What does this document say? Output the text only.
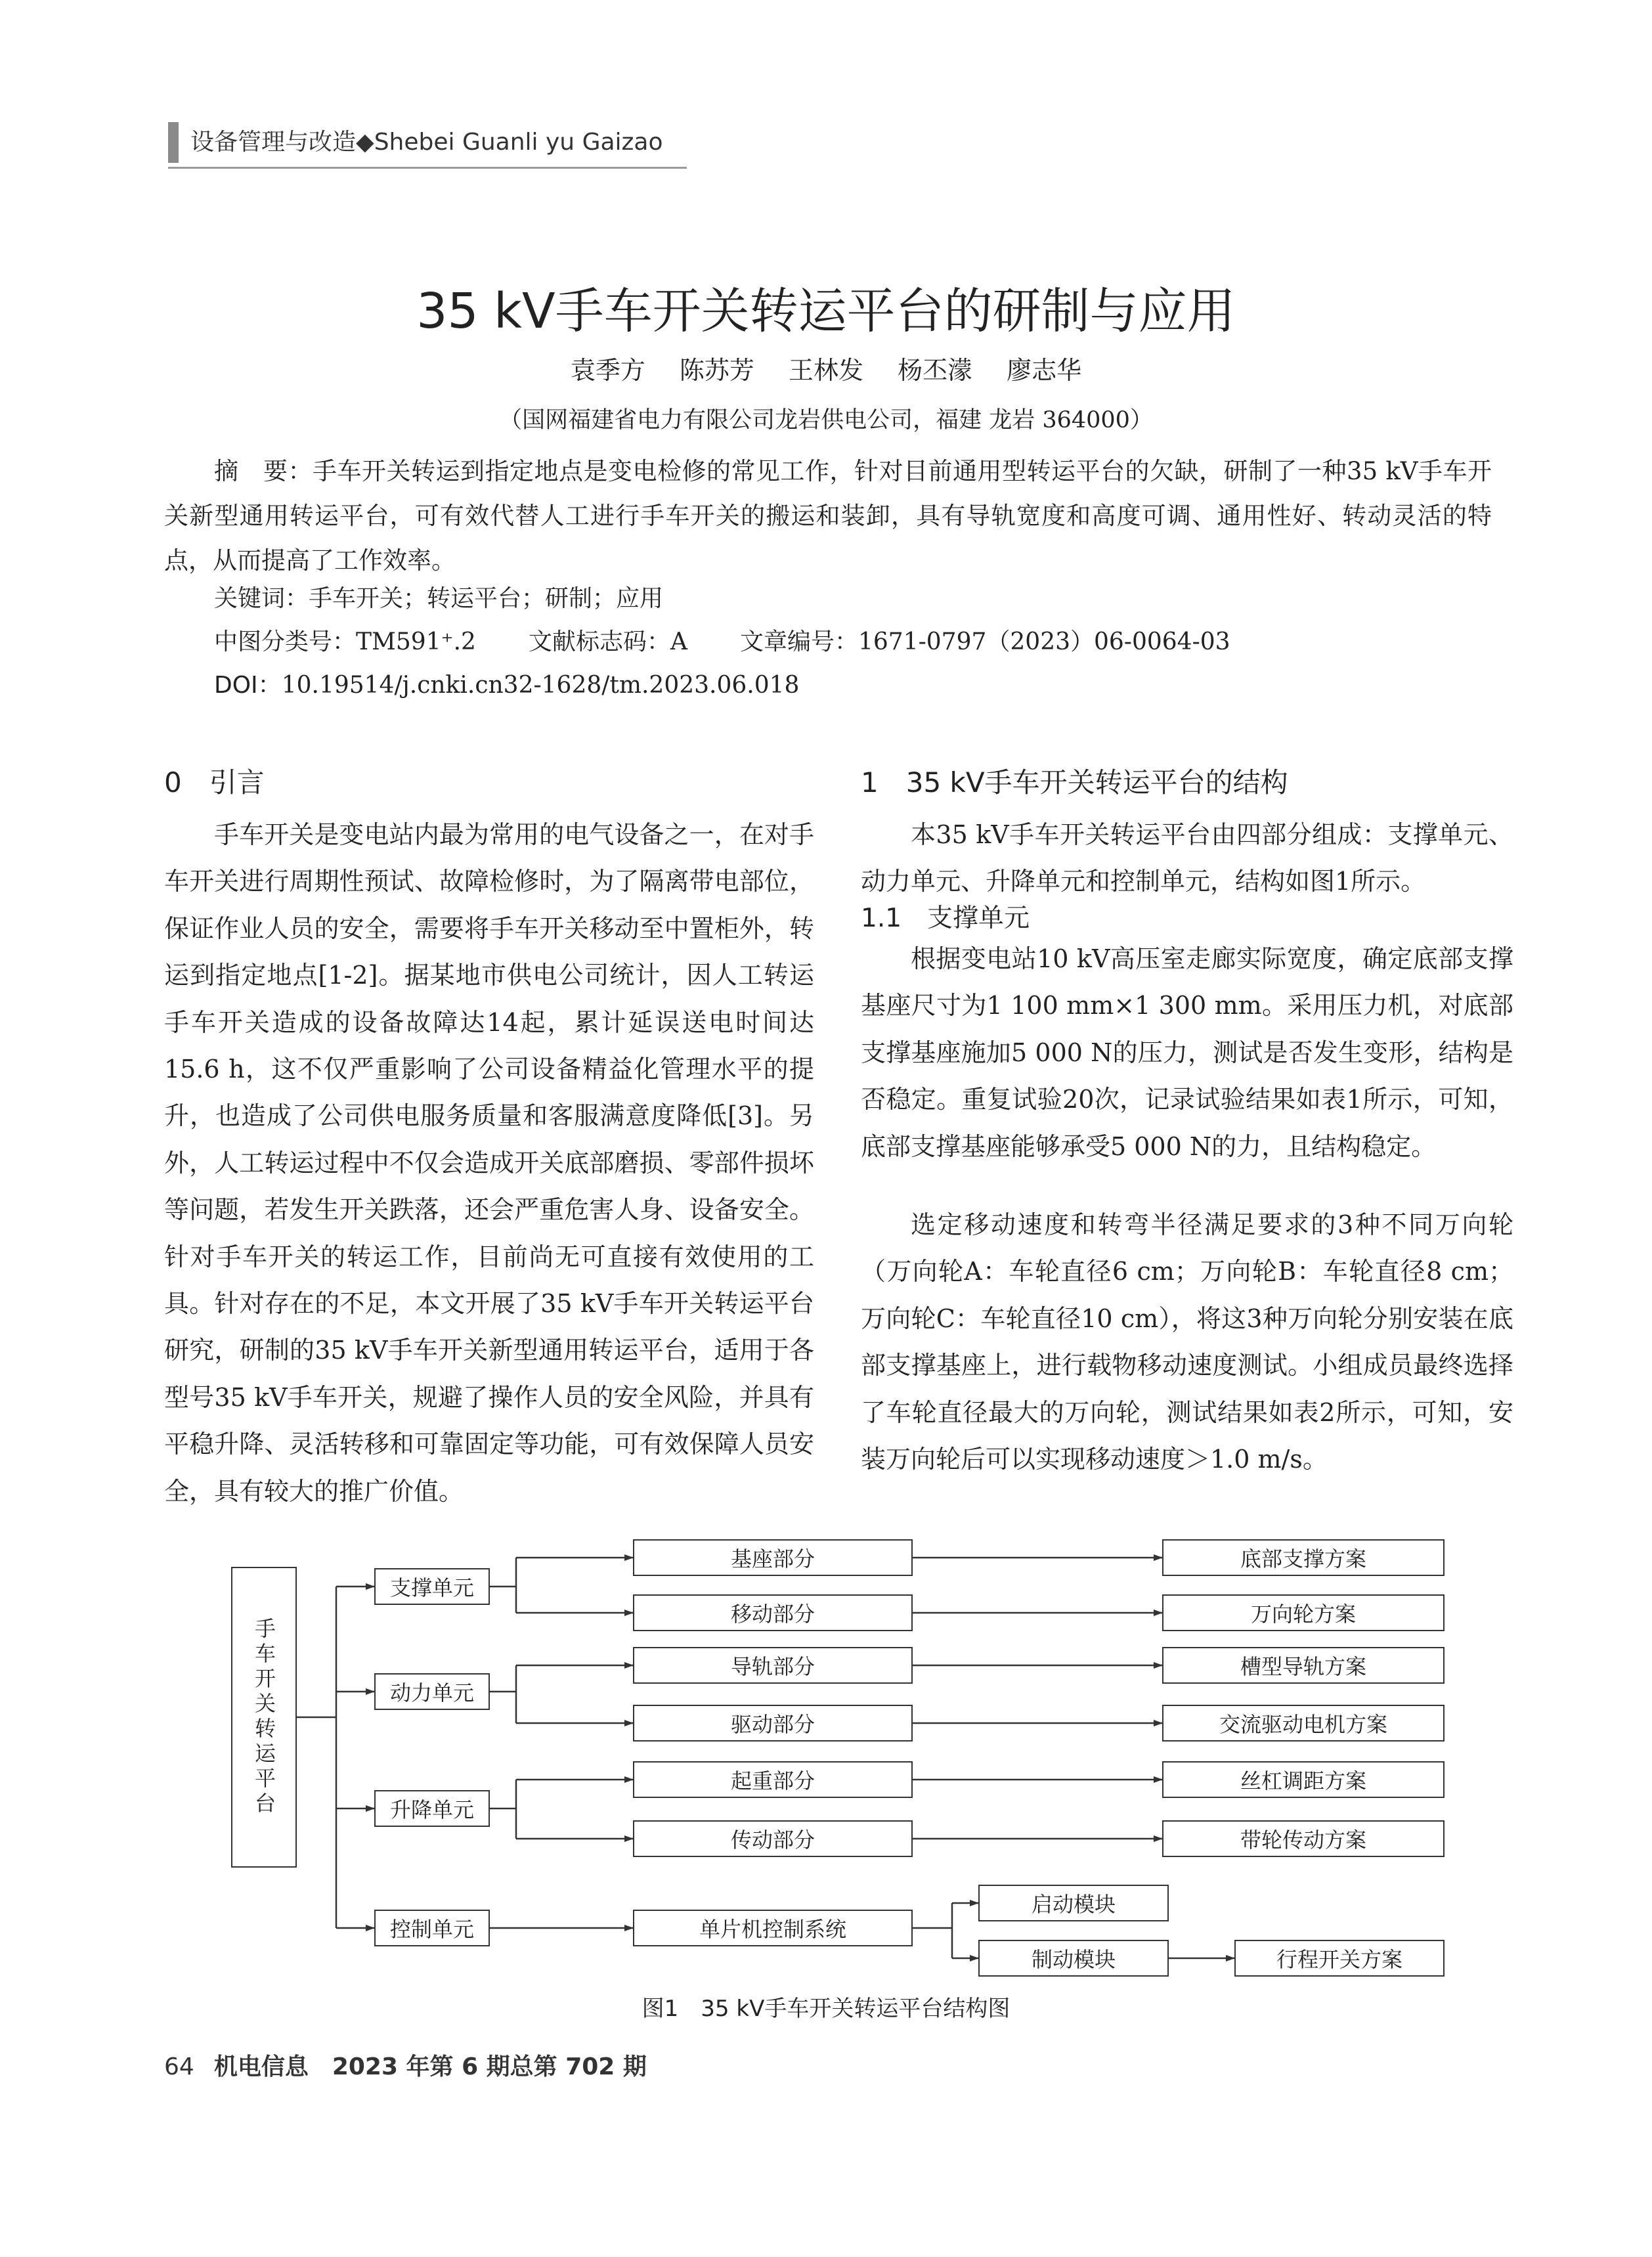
设备管理与改造◆Shebei Guanli yu Gaizao
35 kV手车开关转运平台的研制与应用
袁季方 陈苏芳 王林发 杨丕濛 廖志华
（国网福建省电力有限公司龙岩供电公司，福建 龙岩 364000）
摘　要：手车开关转运到指定地点是变电检修的常见工作，针对目前通用型转运平台的欠缺，研制了一种35 kV手车开关新型通用转运平台，可有效代替人工进行手车开关的搬运和装卸，具有导轨宽度和高度可调、通用性好、转动灵活的特点，从而提高了工作效率。
关键词：手车开关；转运平台；研制；应用
中图分类号：TM591⁺.2 文献标志码：A 文章编号：1671-0797（2023）06-0064-03
DOI：10.19514/j.cnki.cn32-1628/tm.2023.06.018
0　引言
手车开关是变电站内最为常用的电气设备之一，在对手车开关进行周期性预试、故障检修时，为了隔离带电部位，保证作业人员的安全，需要将手车开关移动至中置柜外，转运到指定地点[1-2]。据某地市供电公司统计，因人工转运手车开关造成的设备故障达14起，累计延误送电时间达15.6 h，这不仅严重影响了公司设备精益化管理水平的提升，也造成了公司供电服务质量和客服满意度降低[3]。另外，人工转运过程中不仅会造成开关底部磨损、零部件损坏等问题，若发生开关跌落，还会严重危害人身、设备安全。针对手车开关的转运工作，目前尚无可直接有效使用的工具。针对存在的不足，本文开展了35 kV手车开关转运平台研究，研制的35 kV手车开关新型通用转运平台，适用于各型号35 kV手车开关，规避了操作人员的安全风险，并具有平稳升降、灵活转移和可靠固定等功能，可有效保障人员安全，具有较大的推广价值。
1　35 kV手车开关转运平台的结构
本35 kV手车开关转运平台由四部分组成：支撑单元、动力单元、升降单元和控制单元，结构如图1所示。
1.1　支撑单元
根据变电站10 kV高压室走廊实际宽度，确定底部支撑基座尺寸为1 100 mm×1 300 mm。采用压力机，对底部支撑基座施加5 000 N的压力，测试是否发生变形，结构是否稳定。重复试验20次，记录试验结果如表1所示，可知，底部支撑基座能够承受5 000 N的力，且结构稳定。
选定移动速度和转弯半径满足要求的3种不同万向轮（万向轮A：车轮直径6 cm；万向轮B：车轮直径8 cm；万向轮C：车轮直径10 cm），将这3种万向轮分别安装在底部支撑基座上，进行载物移动速度测试。小组成员最终选择了车轮直径最大的万向轮，测试结果如表2所示，可知，安装万向轮后可以实现移动速度＞1.0 m/s。
手车开关转运平台
支撑单元
动力单元
升降单元
控制单元
基座部分
移动部分
导轨部分
驱动部分
起重部分
传动部分
单片机控制系统
底部支撑方案
万向轮方案
槽型导轨方案
交流驱动电机方案
丝杠调距方案
带轮传动方案
启动模块
制动模块	行程开关方案
图1　35 kV手车开关转运平台结构图
64 机电信息　2023 年第 6 期总第 702 期
